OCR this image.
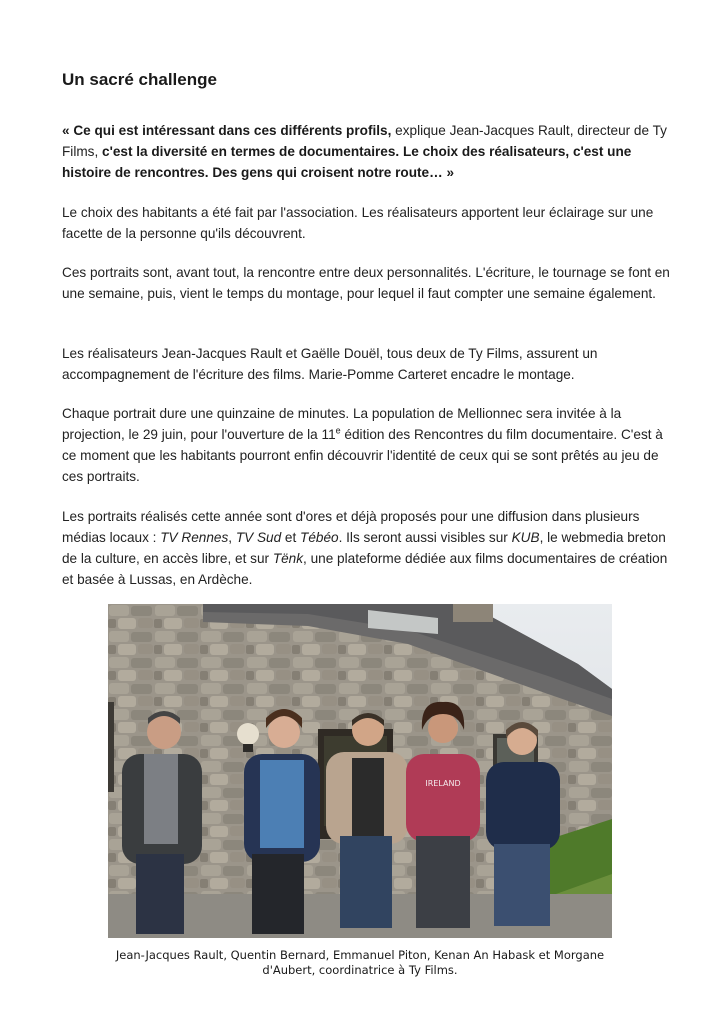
Un sacré challenge

« Ce qui est intéressant dans ces différents profils, explique Jean-Jacques Rault, directeur de Ty Films, c'est la diversité en termes de documentaires. Le choix des réalisateurs, c'est une histoire de rencontres. Des gens qui croisent notre route… »

Le choix des habitants a été fait par l'association. Les réalisateurs apportent leur éclairage sur une facette de la personne qu'ils découvrent.

Ces portraits sont, avant tout, la rencontre entre deux personnalités. L'écriture, le tournage se font en une semaine, puis, vient le temps du montage, pour lequel il faut compter une semaine également.

Les réalisateurs Jean-Jacques Rault et Gaëlle Douël, tous deux de Ty Films, assurent un accompagnement de l'écriture des films. Marie-Pomme Carteret encadre le montage.

Chaque portrait dure une quinzaine de minutes. La population de Mellionnec sera invitée à la projection, le 29 juin, pour l'ouverture de la 11e édition des Rencontres du film documentaire. C'est à ce moment que les habitants pourront enfin découvrir l'identité de ceux qui se sont prêtés au jeu de ces portraits.

Les portraits réalisés cette année sont d'ores et déjà proposés pour une diffusion dans plusieurs médias locaux : TV Rennes, TV Sud et Tébéo. Ils seront aussi visibles sur KUB, le webmedia breton de la culture, en accès libre, et sur Tënk, une plateforme dédiée aux films documentaires de création et basée à Lussas, en Ardèche.

IRELAND

Jean-Jacques Rault, Quentin Bernard, Emmanuel Piton, Kenan An Habask et Morgane d'Aubert, coordinatrice à Ty Films.
